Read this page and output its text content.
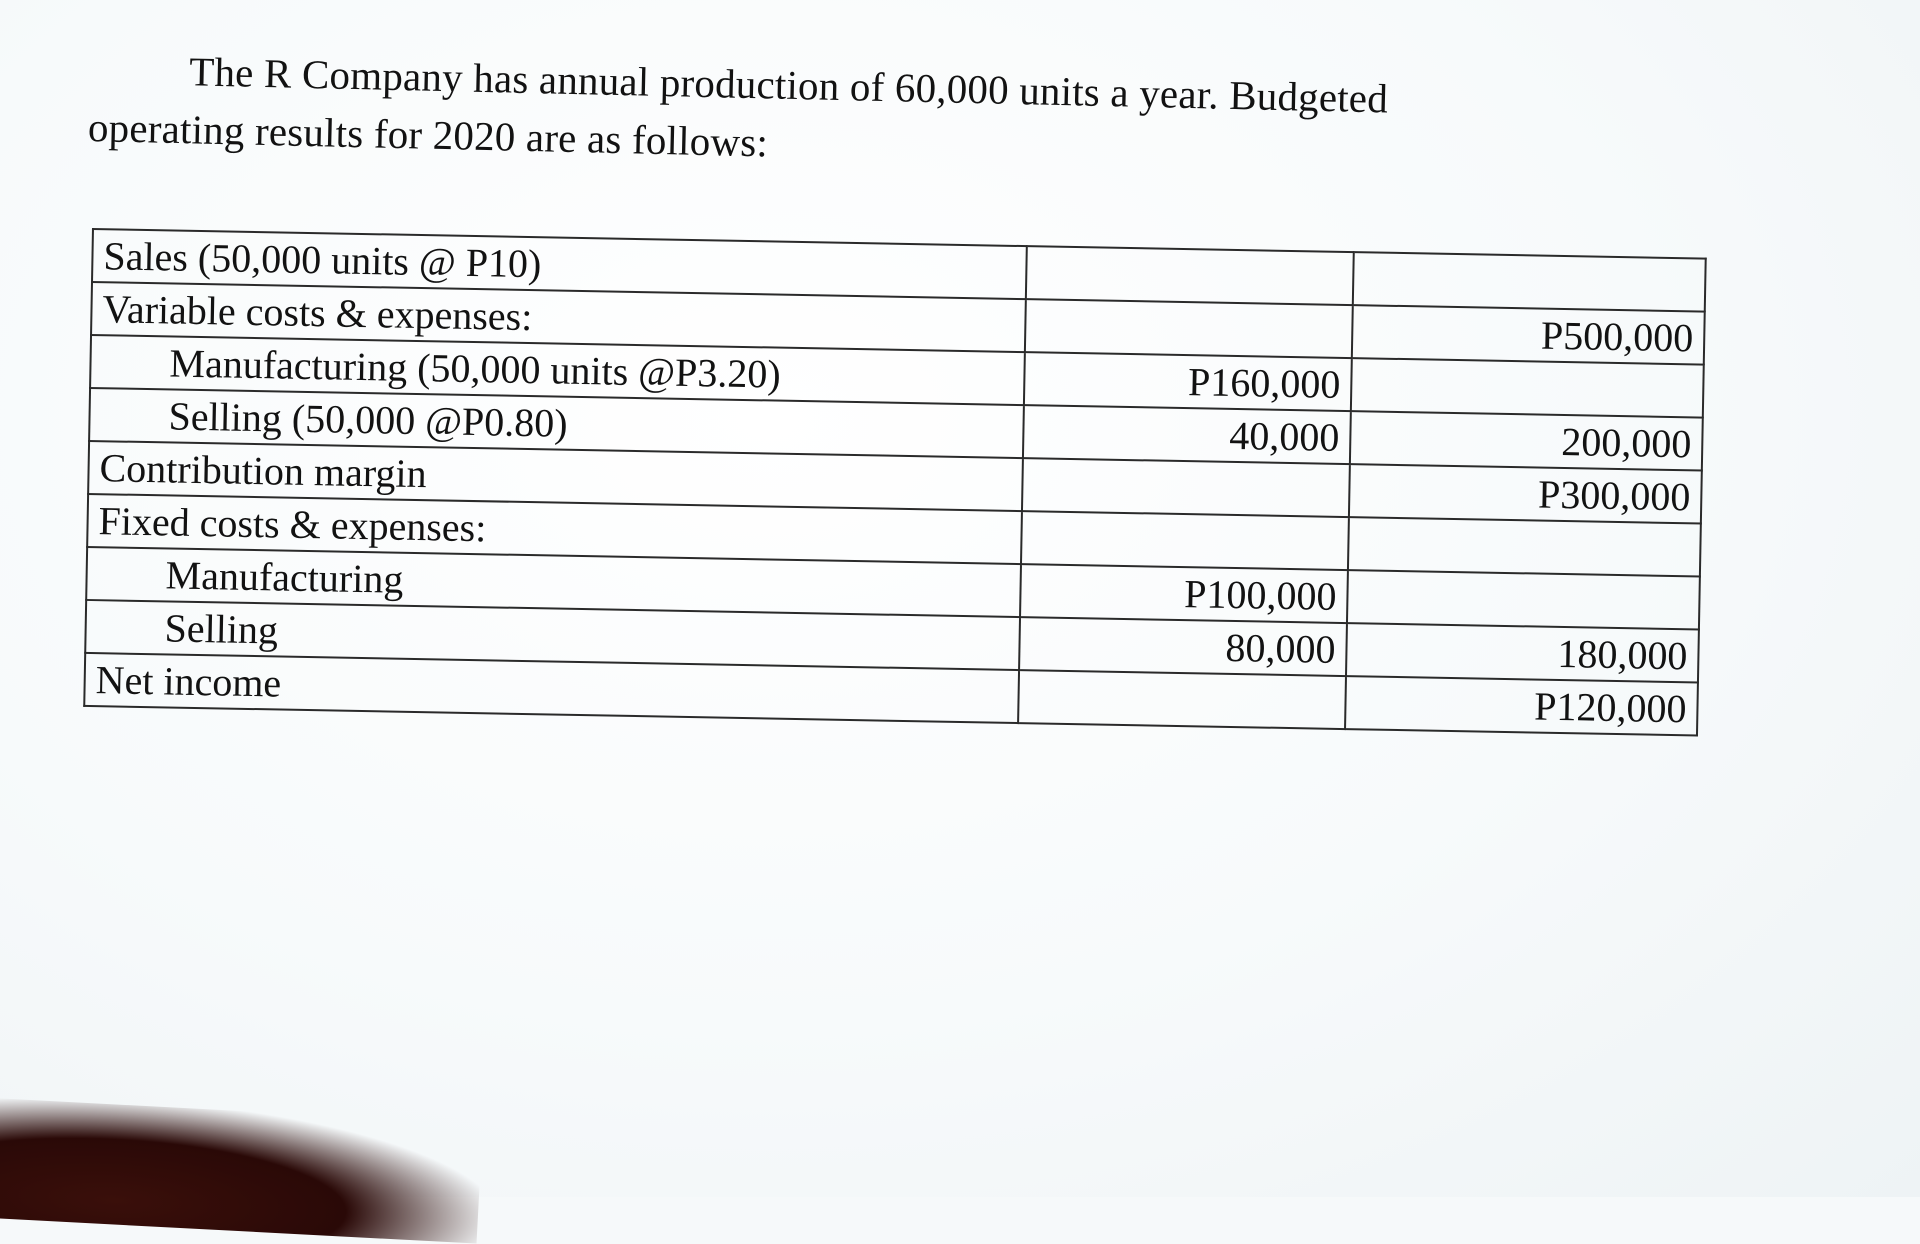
The R Company has annual production of 60,000 units a year. Budgeted
operating results for 2020 are as follows:
Sales (50,000 units @ P10)		
Variable costs & expenses:		P500,000
Manufacturing (50,000 units @P3.20)	P160,000	
Selling (50,000 @P0.80)	40,000	200,000
Contribution margin		P300,000
Fixed costs & expenses:		
Manufacturing	P100,000	
Selling	80,000	180,000
Net income		P120,000
